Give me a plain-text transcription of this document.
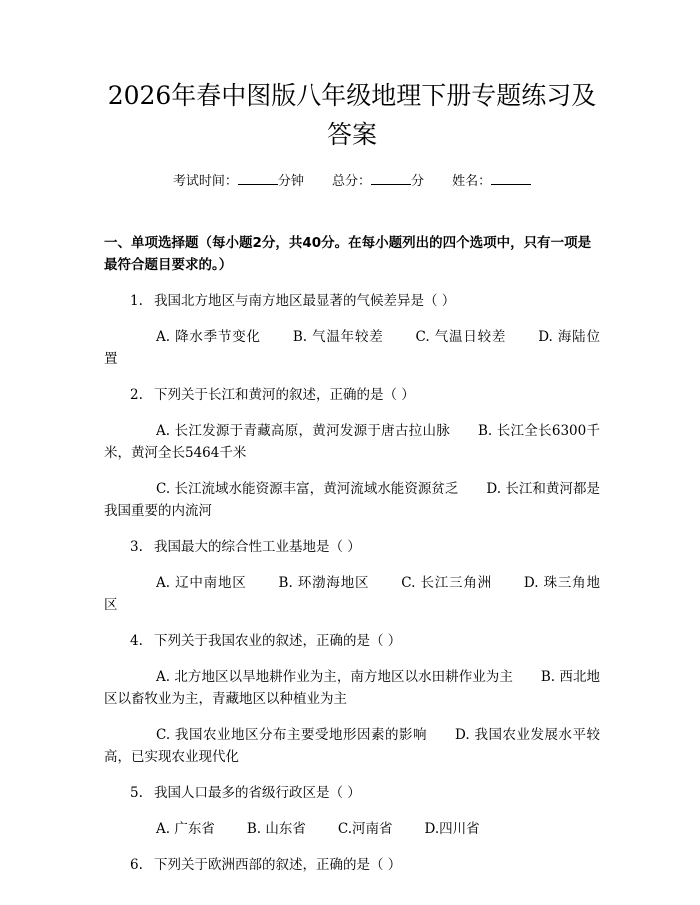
2026年春中图版八年级地理下册专题练习及答案
考试时间：	分钟 总分：	分 姓名：
一、单项选择题（每小题2分，共40分。在每小题列出的四个选项中，只有一项是最符合题目要求的。）
1. 我国北方地区与南方地区最显著的气候差异是（ ）
A. 降水季节变化 B. 气温年较差 C. 气温日较差 D. 海陆位置
2. 下列关于长江和黄河的叙述，正确的是（ ）
A. 长江发源于青藏高原，黄河发源于唐古拉山脉 B. 长江全长6300千米，黄河全长5464千米
C. 长江流域水能资源丰富，黄河流域水能资源贫乏 D. 长江和黄河都是我国重要的内流河
3. 我国最大的综合性工业基地是（ ）
A. 辽中南地区 B. 环渤海地区 C. 长江三角洲 D. 珠三角地区
4. 下列关于我国农业的叙述，正确的是（ ）
A. 北方地区以旱地耕作业为主，南方地区以水田耕作业为主 B. 西北地区以畜牧业为主，青藏地区以种植业为主
C. 我国农业地区分布主要受地形因素的影响 D. 我国农业发展水平较高，已实现农业现代化
5. 我国人口最多的省级行政区是（ ）
A. 广东省 B. 山东省 C.河南省 D.四川省
6. 下列关于欧洲西部的叙述，正确的是（ ）
